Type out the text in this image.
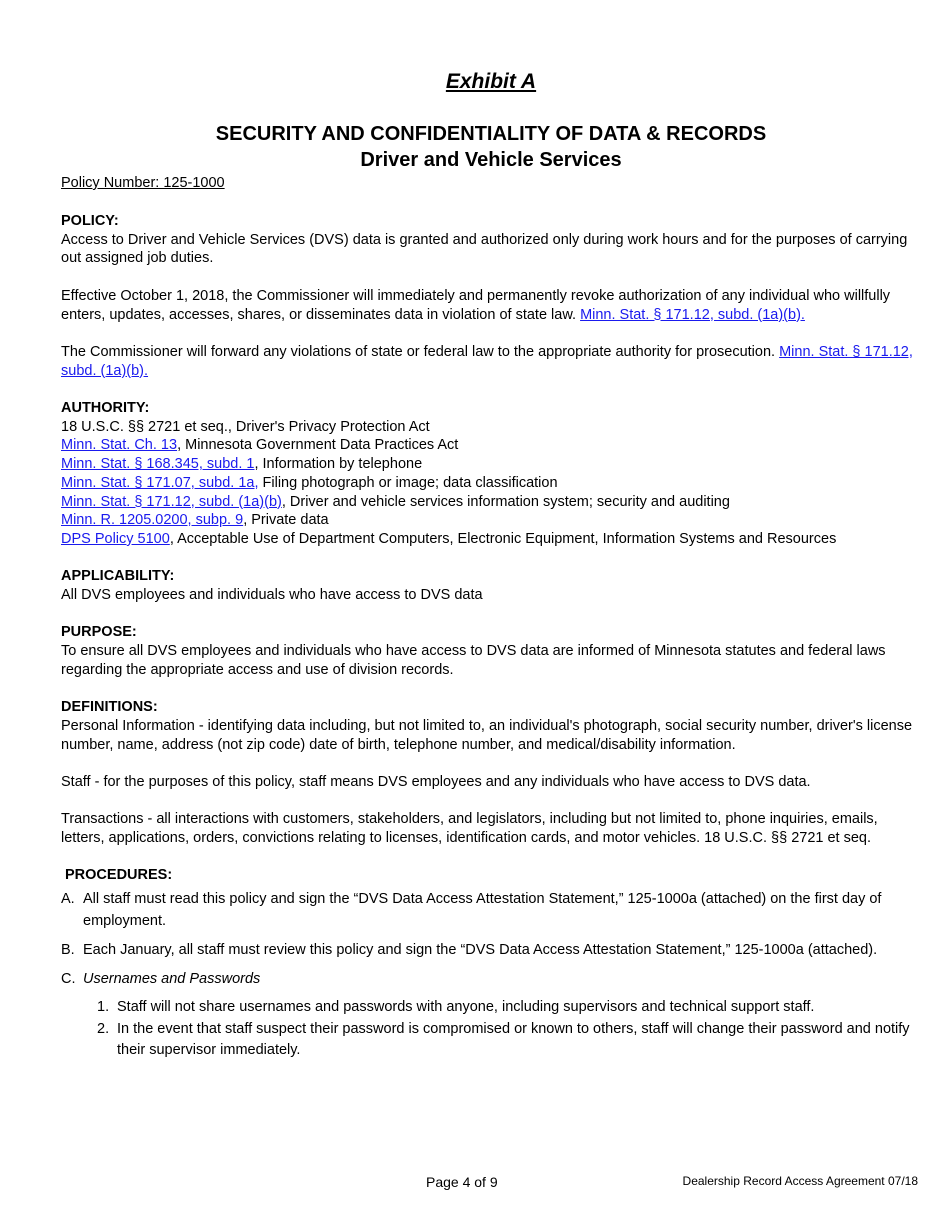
Exhibit A
SECURITY AND CONFIDENTIALITY OF DATA & RECORDS
Driver and Vehicle Services
Policy Number: 125-1000
POLICY:

Access to Driver and Vehicle Services (DVS) data is granted and authorized only during work hours and for the purposes of carrying out assigned job duties.

Effective October 1, 2018, the Commissioner will immediately and permanently revoke authorization of any individual who willfully enters, updates, accesses, shares, or disseminates data in violation of state law. Minn. Stat. § 171.12, subd. (1a)(b).

The Commissioner will forward any violations of state or federal law to the appropriate authority for prosecution. Minn. Stat. § 171.12, subd. (1a)(b).

AUTHORITY:
18 U.S.C. §§ 2721 et seq., Driver's Privacy Protection Act
Minn. Stat. Ch. 13, Minnesota Government Data Practices Act
Minn. Stat. § 168.345, subd. 1, Information by telephone
Minn. Stat. § 171.07, subd. 1a, Filing photograph or image; data classification
Minn. Stat. § 171.12, subd. (1a)(b), Driver and vehicle services information system; security and auditing
Minn. R. 1205.0200, subp. 9, Private data
DPS Policy 5100, Acceptable Use of Department Computers, Electronic Equipment, Information Systems and Resources
APPLICABILITY:
All DVS employees and individuals who have access to DVS data
PURPOSE:
To ensure all DVS employees and individuals who have access to DVS data are informed of Minnesota statutes and federal laws regarding the appropriate access and use of division records.
DEFINITIONS:

Personal Information - identifying data including, but not limited to, an individual's photograph, social security number, driver's license number, name, address (not zip code) date of birth, telephone number, and medical/disability information.

Staff - for the purposes of this policy, staff means DVS employees and any individuals who have access to DVS data.

Transactions - all interactions with customers, stakeholders, and legislators, including but not limited to, phone inquiries, emails, letters, applications, orders, convictions relating to licenses, identification cards, and motor vehicles. 18 U.S.C. §§ 2721 et seq.

PROCEDURES:
A. All staff must read this policy and sign the “DVS Data Access Attestation Statement,” 125-1000a (attached) on the first day of employment.
B. Each January, all staff must review this policy and sign the “DVS Data Access Attestation Statement,” 125-1000a (attached).
C. Usernames and Passwords
1. Staff will not share usernames and passwords with anyone, including supervisors and technical support staff.
2. In the event that staff suspect their password is compromised or known to others, staff will change their password and notify their supervisor immediately.
Page 4 of 9	Dealership Record Access Agreement 07/18
